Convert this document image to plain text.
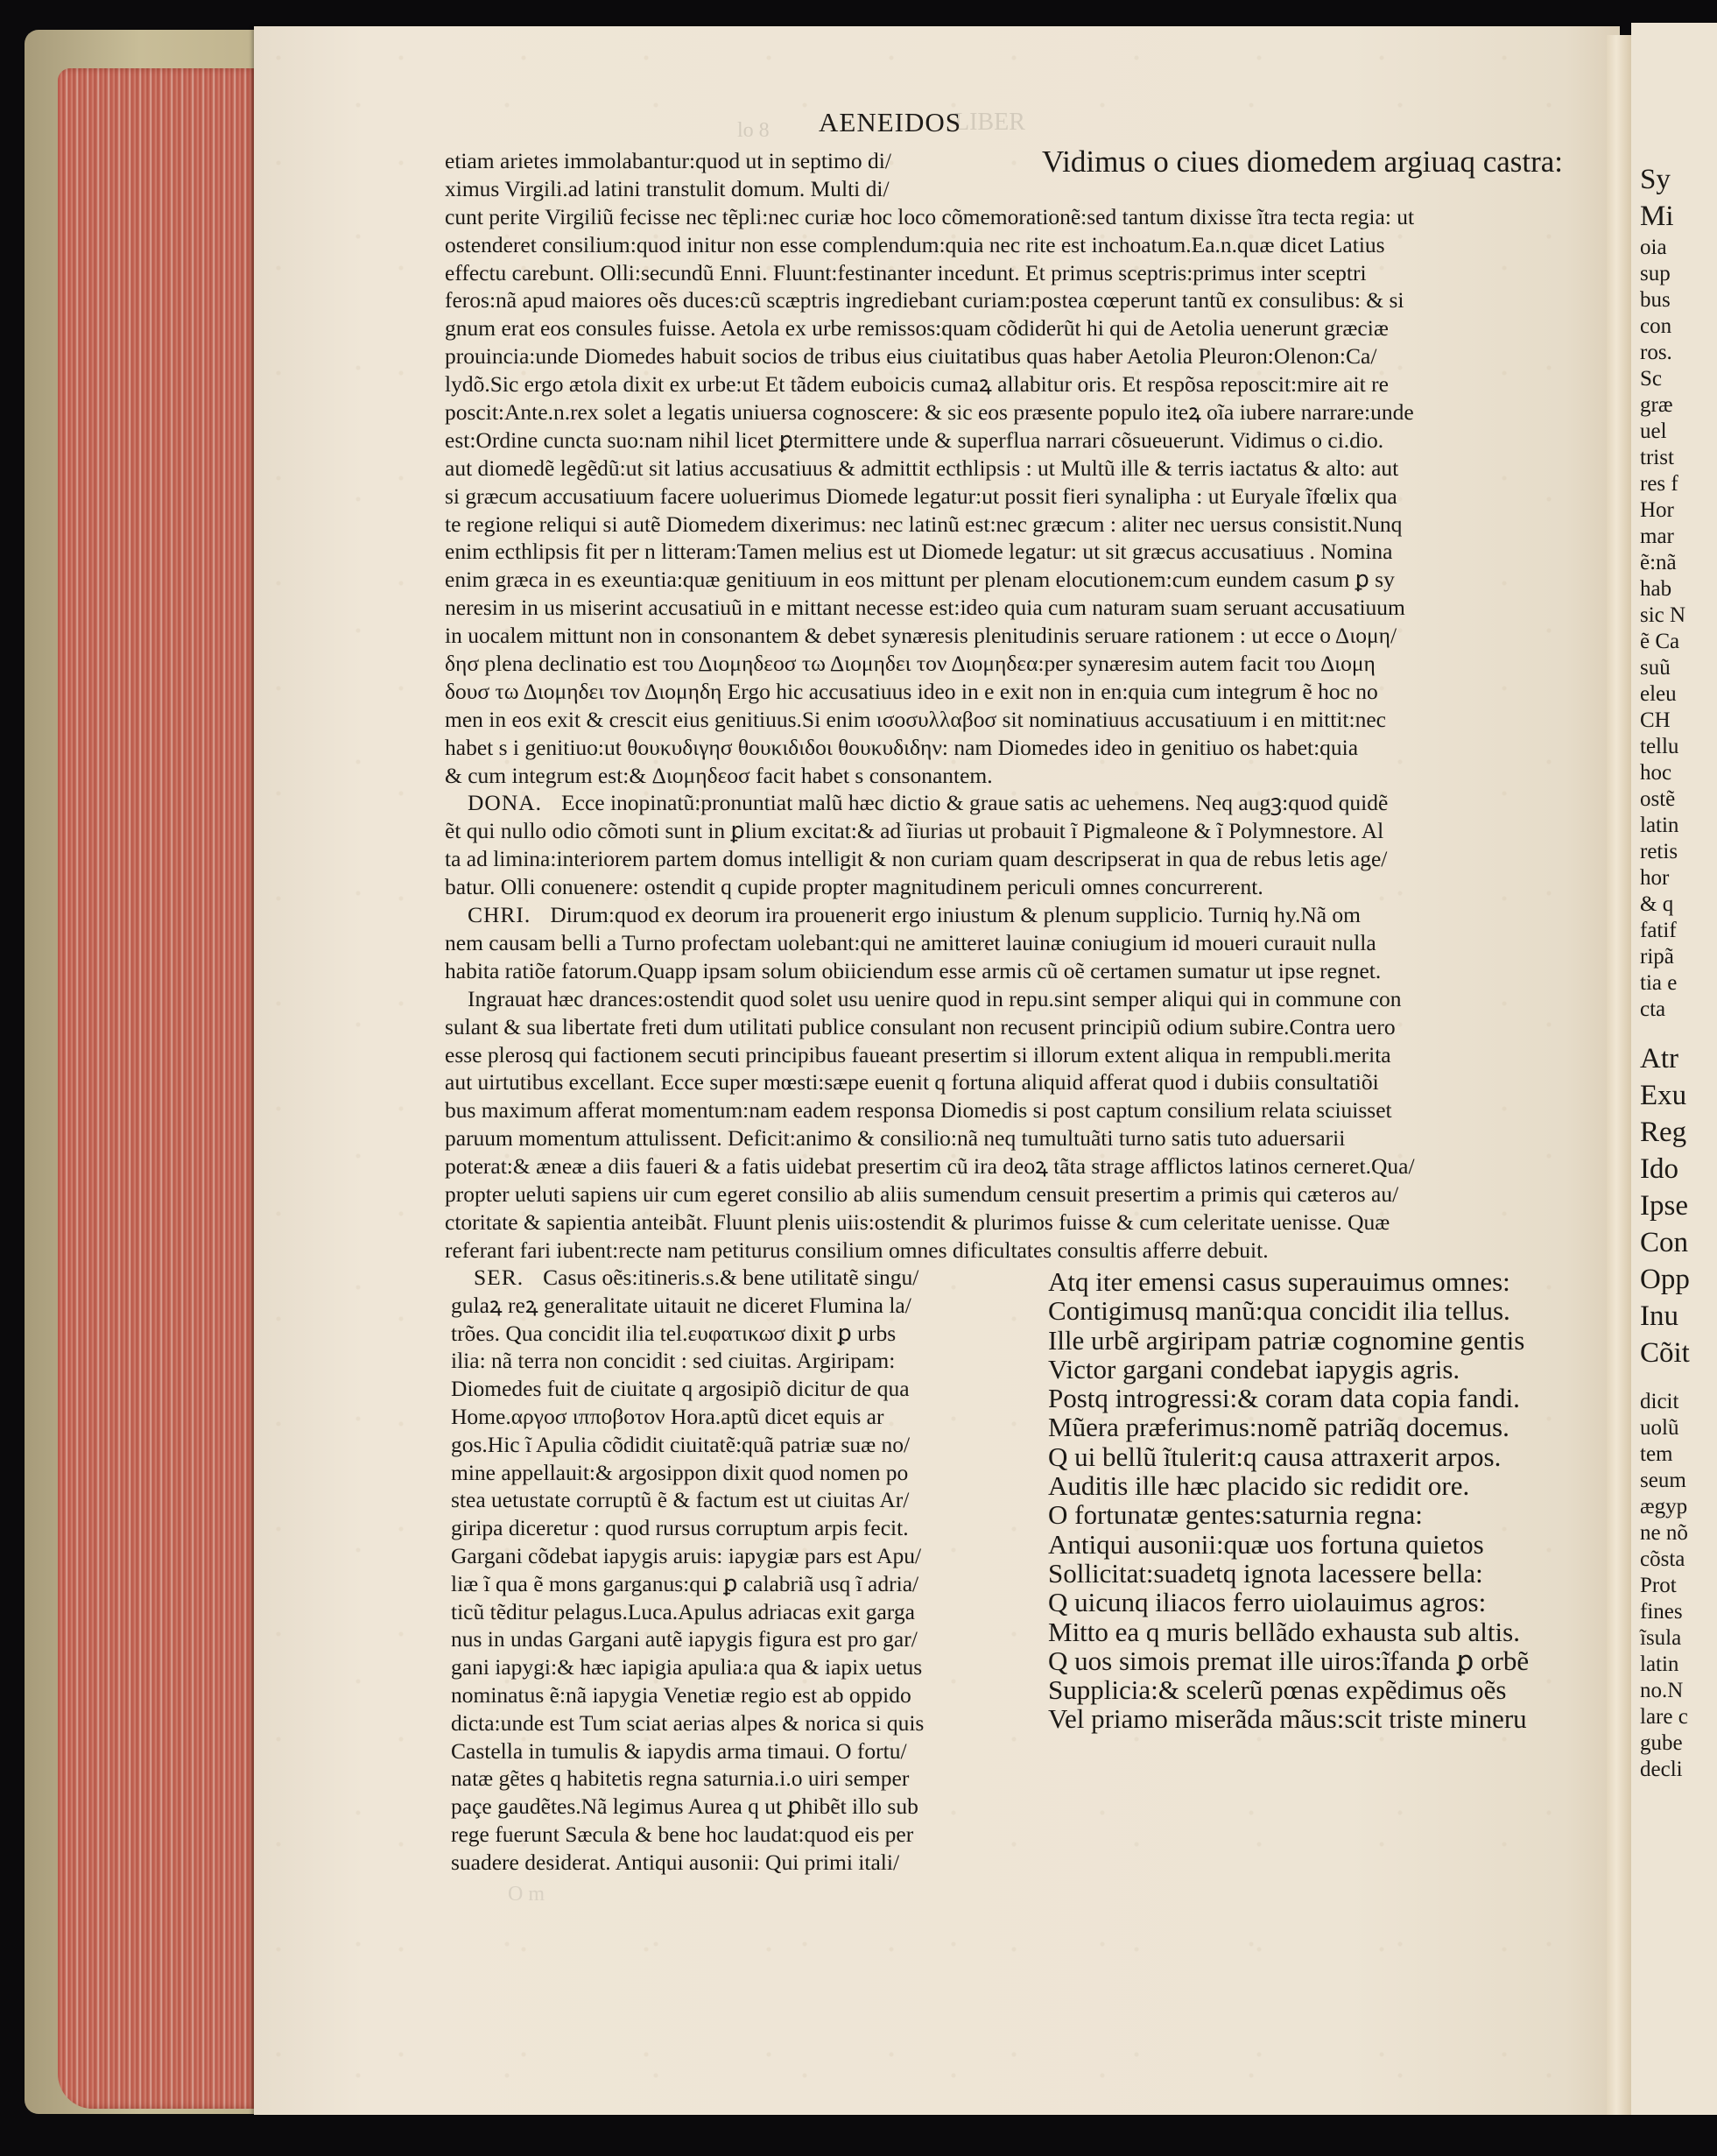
Sy
Mi
oia
sup
bus
con
ros.
Sc
græ
uel
trist
res f
Hor
mar
ẽ:nã
hab
sic N
ẽ Ca
suũ
eleu
CH
tellu
hoc
ostẽ
latin
retis
hor
& q
fatif
ripã
tia e
cta
Atr
Exu
Reg
Ido
Ipse
Con
Opp
Inu
Cõit
dicit
uolũ
tem
seum
ægyp
ne nõ
cõsta
Prot
fines
ĩsula
latin
no.N
lare c
gube
decli
lo 8	LIBER
AENEIDOS
Vidimus o ciues diomedem argiuaq castra:
etiam arietes immolabantur:quod ut in septimo di/
ximus Virgili.ad latini transtulit domum. Multi di/
cunt perite Virgiliũ fecisse nec tẽpli:nec curiæ hoc loco cõmemorationẽ:sed tantum dixisse ĩtra tecta regia: ut
ostenderet consilium:quod initur non esse complendum:quia nec rite est inchoatum.Ea.n.quæ dicet Latius
effectu carebunt. Olli:secundũ Enni. Fluunt:festinanter incedunt. Et primus sceptris:primus inter sceptri
feros:nã apud maiores oẽs duces:cũ scæptris ingrediebant curiam:postea cœperunt tantũ ex consulibus: & si
gnum erat eos consules fuisse. Aetola ex urbe remissos:quam cõdiderũt hi qui de Aetolia uenerunt græciæ
prouincia:unde Diomedes habuit socios de tribus eius ciuitatibus quas haber Aetolia Pleuron:Olenon:Ca/
lydõ.Sic ergo ætola dixit ex urbe:ut Et tãdem euboicis cumaꝝ allabitur oris. Et respõsa reposcit:mire ait re
poscit:Ante.n.rex solet a legatis uniuersa cognoscere: & sic eos præsente populo iteꝝ oĩa iubere narrare:unde
est:Ordine cuncta suo:nam nihil licet ꝑtermittere unde & superflua narrari cõsueuerunt. Vidimus o ci.dio.
aut diomedẽ legẽdũ:ut sit latius accusatiuus & admittit ecthlipsis : ut Multũ ille & terris iactatus & alto: aut
si græcum accusatiuum facere uoluerimus Diomede legatur:ut possit fieri synalipha : ut Euryale ĩfœlix qua
te regione reliqui si autẽ Diomedem dixerimus: nec latinũ est:nec græcum : aliter nec uersus consistit.Nunq
enim ecthlipsis fit per n litteram:Tamen melius est ut Diomede legatur: ut sit græcus accusatiuus . Nomina
enim græca in es exeuntia:quæ genitiuum in eos mittunt per plenam elocutionem:cum eundem casum ꝑ sy
neresim in us miserint accusatiuũ in e mittant necesse est:ideo quia cum naturam suam seruant accusatiuum
in uocalem mittunt non in consonantem & debet synæresis plenitudinis seruare rationem : ut ecce ο Διομη/
δησ plena declinatio est του Διομηδεοσ τω Διομηδει τον Διομηδεα:per synæresim autem facit του Διομη
δουσ τω Διομηδει τον Διομηδη Ergo hic accusatiuus ideo in e exit non in en:quia cum integrum ẽ hoc no
men in eos exit & crescit eius genitiuus.Si enim ισοσυλλαβοσ sit nominatiuus accusatiuum i en mittit:nec
habet s i genitiuo:ut θουκυδιγησ θουκιδιδοι θουκυδιδην: nam Diomedes ideo in genitiuo os habet:quia
& cum integrum est:& Διομηδεοσ facit habet s consonantem.
DONA. Ecce inopinatũ:pronuntiat malũ hæc dictio & graue satis ac uehemens. Neq augꝫ:quod quidẽ
ẽt qui nullo odio cõmoti sunt in ꝑlium excitat:& ad ĩiurias ut probauit ĩ Pigmaleone & ĩ Polymnestore. Al
ta ad limina:interiorem partem domus intelligit & non curiam quam descripserat in qua de rebus letis age/
batur. Olli conuenere: ostendit q cupide propter magnitudinem periculi omnes concurrerent.
CHRI. Dirum:quod ex deorum ira prouenerit ergo iniustum & plenum supplicio. Turniq hy.Nã om
nem causam belli a Turno profectam uolebant:qui ne amitteret lauinæ coniugium id moueri curauit nulla
habita ratiõe fatorum.Quapp ipsam solum obiiciendum esse armis cũ oẽ certamen sumatur ut ipse regnet.
Ingrauat hæc drances:ostendit quod solet usu uenire quod in repu.sint semper aliqui qui in commune con
sulant & sua libertate freti dum utilitati publice consulant non recusent principiũ odium subire.Contra uero
esse plerosq qui factionem secuti principibus faueant presertim si illorum extent aliqua in rempubli.merita
aut uirtutibus excellant. Ecce super mœsti:sæpe euenit q fortuna aliquid afferat quod i dubiis consultatiõi
bus maximum afferat momentum:nam eadem responsa Diomedis si post captum consilium relata sciuisset
paruum momentum attulissent. Deficit:animo & consilio:nã neq tumultuãti turno satis tuto aduersarii
poterat:& æneæ a diis faueri & a fatis uidebat presertim cũ ira deoꝝ tãta strage afflictos latinos cerneret.Qua/
propter ueluti sapiens uir cum egeret consilio ab aliis sumendum censuit presertim a primis qui cæteros au/
ctoritate & sapientia anteibãt. Fluunt plenis uiis:ostendit & plurimos fuisse & cum celeritate uenisse. Quæ
referant fari iubent:recte nam petiturus consilium omnes dificultates consultis afferre debuit.
SER. Casus oẽs:itineris.s.& bene utilitatẽ singu/
gulaꝝ reꝝ generalitate uitauit ne diceret Flumina la/
trões. Qua concidit ilia tel.ευφατικωσ dixit ꝑ urbs
ilia: nã terra non concidit : sed ciuitas. Argiripam:
Diomedes fuit de ciuitate q argosipiõ dicitur de qua
Home.αργοσ ιπποβοτον Hora.aptũ dicet equis ar
gos.Hic ĩ Apulia cõdidit ciuitatẽ:quã patriæ suæ no/
mine appellauit:& argosippon dixit quod nomen po
stea uetustate corruptũ ẽ & factum est ut ciuitas Ar/
giripa diceretur : quod rursus corruptum arpis fecit.
Gargani cõdebat iapygis aruis: iapygiæ pars est Apu/
liæ ĩ qua ẽ mons garganus:qui ꝑ calabriã usq ĩ adria/
ticũ tẽditur pelagus.Luca.Apulus adriacas exit garga
nus in undas Gargani autẽ iapygis figura est pro gar/
gani iapygi:& hæc iapigia apulia:a qua & iapix uetus
nominatus ẽ:nã iapygia Venetiæ regio est ab oppido
dicta:unde est Tum sciat aerias alpes & norica si quis
Castella in tumulis & iapydis arma timaui. O fortu/
natæ gẽtes q habitetis regna saturnia.i.o uiri semper
paçe gaudẽtes.Nã legimus Aurea q ut ꝑhibẽt illo sub
rege fuerunt Sæcula & bene hoc laudat:quod eis per
suadere desiderat. Antiqui ausonii: Qui primi itali/
Atq iter emensi casus superauimus omnes:
Contigimusq manũ:qua concidit ilia tellus.
Ille urbẽ argiripam patriæ cognomine gentis
Victor gargani condebat iapygis agris.
Postq introgressi:& coram data copia fandi.
Mũera præferimus:nomẽ patriãq docemus.
Q ui bellũ ĩtulerit:q causa attraxerit arpos.
Auditis ille hæc placido sic redidit ore.
O fortunatæ gentes:saturnia regna:
Antiqui ausonii:quæ uos fortuna quietos
Sollicitat:suadetq ignota lacessere bella:
Q uicunq iliacos ferro uiolauimus agros:
Mitto ea q muris bellãdo exhausta sub altis.
Q uos simois premat ille uiros:ĩfanda ꝑ orbẽ
Supplicia:& scelerũ pœnas expẽdimus oẽs
Vel priamo miserãda mãus:scit triste mineru
O m
